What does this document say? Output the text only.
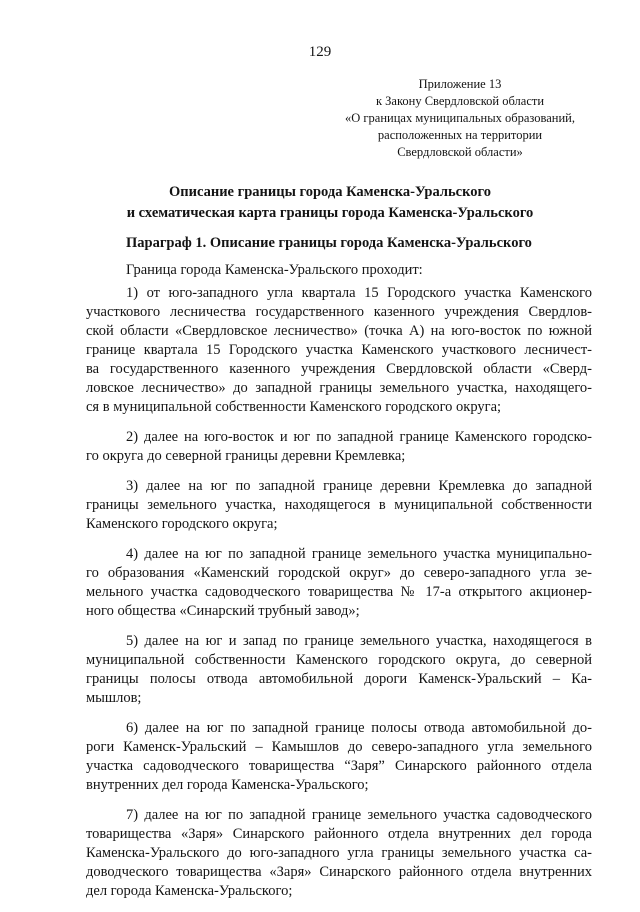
129
Приложение 13
к Закону Свердловской области
«О границах муниципальных образований,
расположенных на территории
Свердловской области»
Описание границы города Каменска-Уральского
и схематическая карта границы города Каменска-Уральского
Параграф 1. Описание границы города Каменска-Уральского
Граница города Каменска-Уральского проходит:
1) от юго-западного угла квартала 15 Городского участка Каменского
участкового лесничества государственного казенного учреждения Свердлов-
ской области «Свердловское лесничество» (точка А) на юго-восток по южной
границе квартала 15 Городского участка Каменского участкового лесничест-
ва государственного казенного учреждения Свердловской области «Сверд-
ловское лесничество» до западной границы земельного участка, находящего-
ся в муниципальной собственности Каменского городского округа;
2) далее на юго-восток и юг по западной границе Каменского городско-
го округа до северной границы деревни Кремлевка;
3) далее на юг по западной границе деревни Кремлевка до западной
границы земельного участка, находящегося в муниципальной собственности
Каменского городского округа;
4) далее на юг по западной границе земельного участка муниципально-
го образования «Каменский городской округ» до северо-западного угла зе-
мельного участка садоводческого товарищества № 17-а открытого акционер-
ного общества «Синарский трубный завод»;
5) далее на юг и запад по границе земельного участка, находящегося в
муниципальной собственности Каменского городского округа, до северной
границы полосы отвода автомобильной дороги Каменск-Уральский – Ка-
мышлов;
6) далее на юг по западной границе полосы отвода автомобильной до-
роги Каменск-Уральский – Камышлов до северо-западного угла земельного
участка садоводческого товарищества “Заря” Синарского районного отдела
внутренних дел города Каменска-Уральского;
7) далее на юг по западной границе земельного участка садоводческого
товарищества «Заря» Синарского районного отдела внутренних дел города
Каменска-Уральского до юго-западного угла границы земельного участка са-
доводческого товарищества «Заря» Синарского районного отдела внутренних
дел города Каменска-Уральского;
